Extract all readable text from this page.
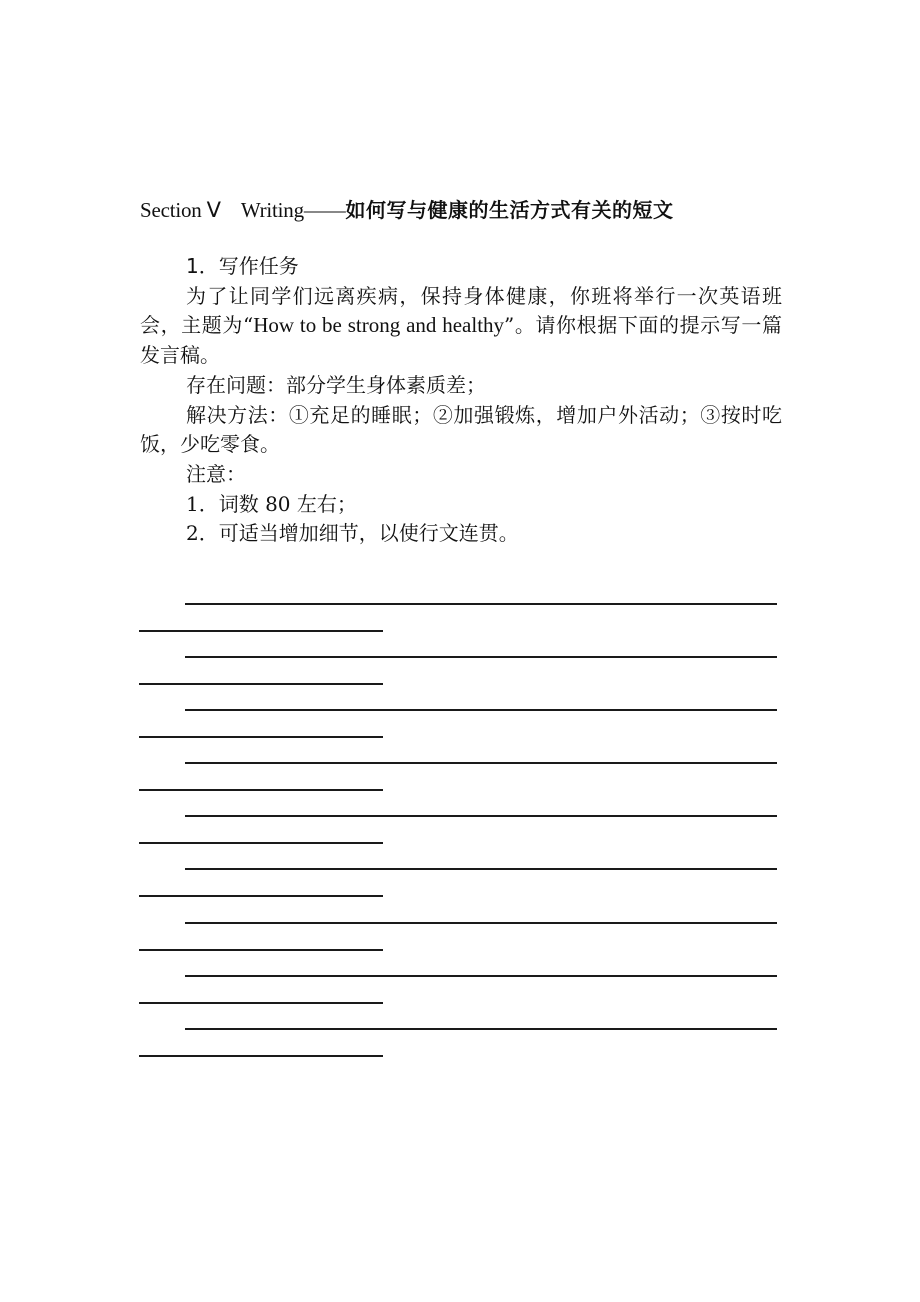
Section Ⅴ Writing——如何写与健康的生活方式有关的短文

1．写作任务

为了让同学们远离疾病，保持身体健康，你班将举行一次英语班会，主题为“How to be strong and healthy”。请你根据下面的提示写一篇发言稿。

存在问题：部分学生身体素质差；

解决方法：①充足的睡眠；②加强锻炼，增加户外活动；③按时吃饭，少吃零食。

注意：

1．词数 80 左右；

2．可适当增加细节，以使行文连贯。
